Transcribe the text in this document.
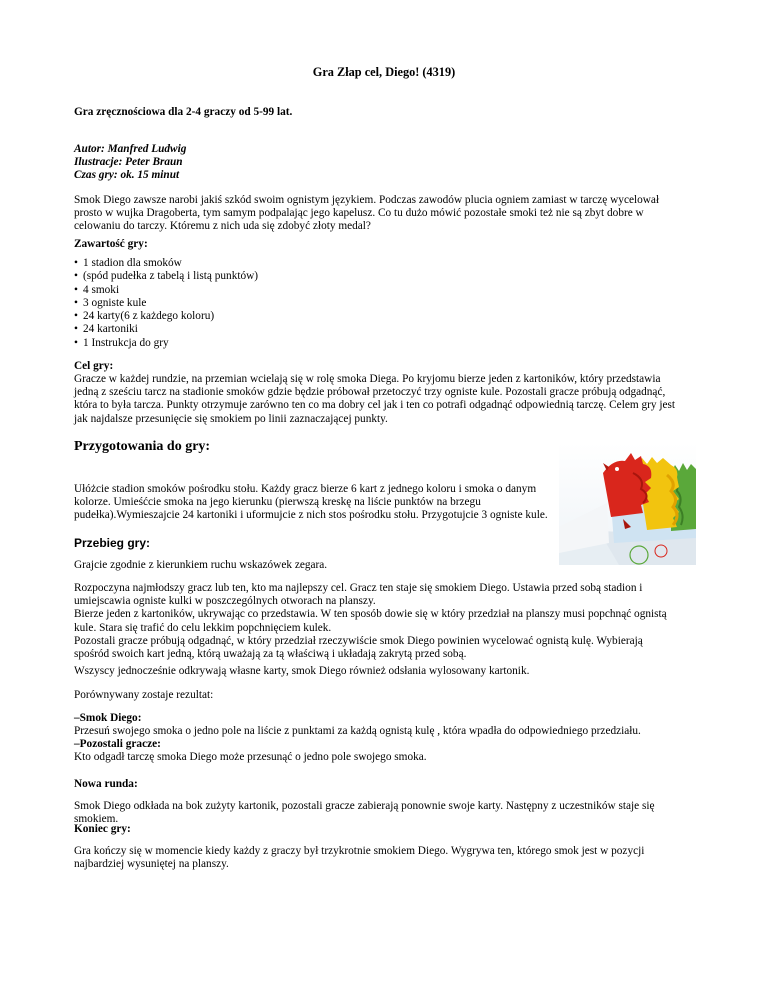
Gra Złap cel, Diego! (4319)
Gra zręcznościowa dla 2-4 graczy od 5-99 lat.
Autor: Manfred Ludwig
Ilustracje: Peter Braun
Czas gry: ok. 15 minut
Smok Diego zawsze narobi jakiś szkód swoim ognistym językiem. Podczas zawodów plucia ogniem zamiast w tarczę wycelował
prosto w wujka Dragoberta, tym samym podpalając jego kapelusz. Co tu dużo mówić pozostałe smoki też nie są zbyt dobre w
celowaniu do tarczy. Któremu z nich uda się zdobyć złoty medal?
Zawartość gry:
• 1 stadion dla smoków
• (spód pudełka z tabelą i listą punktów)
• 4 smoki
• 3 ogniste kule
• 24 karty(6 z każdego koloru)
• 24 kartoniki
• 1 Instrukcja do gry
Cel gry:
Gracze w każdej rundzie, na przemian wcielają się w rolę smoka Diega. Po kryjomu bierze jeden z kartoników, który przedstawia
jedną z sześciu tarcz na stadionie smoków gdzie będzie próbował przetoczyć trzy ogniste kule. Pozostali gracze próbują odgadnąć,
która to była tarcza. Punkty otrzymuje zarówno ten co ma dobry cel jak i ten co potrafi odgadnąć odpowiednią tarczę. Celem gry jest
jak najdalsze przesunięcie się smokiem po linii zaznaczającej punkty.
Przygotowania do gry:
Ułóżcie stadion smoków pośrodku stołu. Każdy gracz bierze 6 kart z jednego koloru i smoka o danym
kolorze. Umieśćcie smoka na jego kierunku (pierwszą kreskę na liście punktów na brzegu
pudełka).Wymieszajcie 24 kartoniki i uformujcie z nich stos pośrodku stołu. Przygotujcie 3 ogniste kule.
Przebieg gry:
Grajcie zgodnie z kierunkiem ruchu wskazówek zegara.
Rozpoczyna najmłodszy gracz lub ten, kto ma najlepszy cel. Gracz ten staje się smokiem Diego. Ustawia przed sobą stadion i
umiejscawia ogniste kulki w poszczególnych otworach na planszy.
Bierze jeden z kartoników, ukrywając co przedstawia. W ten sposób dowie się w który przedział na planszy musi popchnąć ognistą
kule. Stara się trafić do celu lekkim popchnięciem kulek.
Pozostali gracze próbują odgadnąć, w który przedział rzeczywiście smok Diego powinien wycelować ognistą kulę. Wybierają
spośród swoich kart jedną, którą uważają za tą właściwą i układają zakrytą przed sobą.
Wszyscy jednocześnie odkrywają własne karty, smok Diego również odsłania wylosowany kartonik.
Porównywany zostaje rezultat:
–Smok Diego:
Przesuń swojego smoka o jedno pole na liście z punktami za każdą ognistą kulę , która wpadła do odpowiedniego przedziału.
–Pozostali gracze:
Kto odgadł tarczę smoka Diego może przesunąć o jedno pole swojego smoka.
Nowa runda:
Smok Diego odkłada na bok zużyty kartonik, pozostali gracze zabierają ponownie swoje karty. Następny z uczestników staje się
smokiem.
Koniec gry:
Gra kończy się w momencie kiedy każdy z graczy był trzykrotnie smokiem Diego. Wygrywa ten, którego smok jest w pozycji
najbardziej wysuniętej na planszy.
